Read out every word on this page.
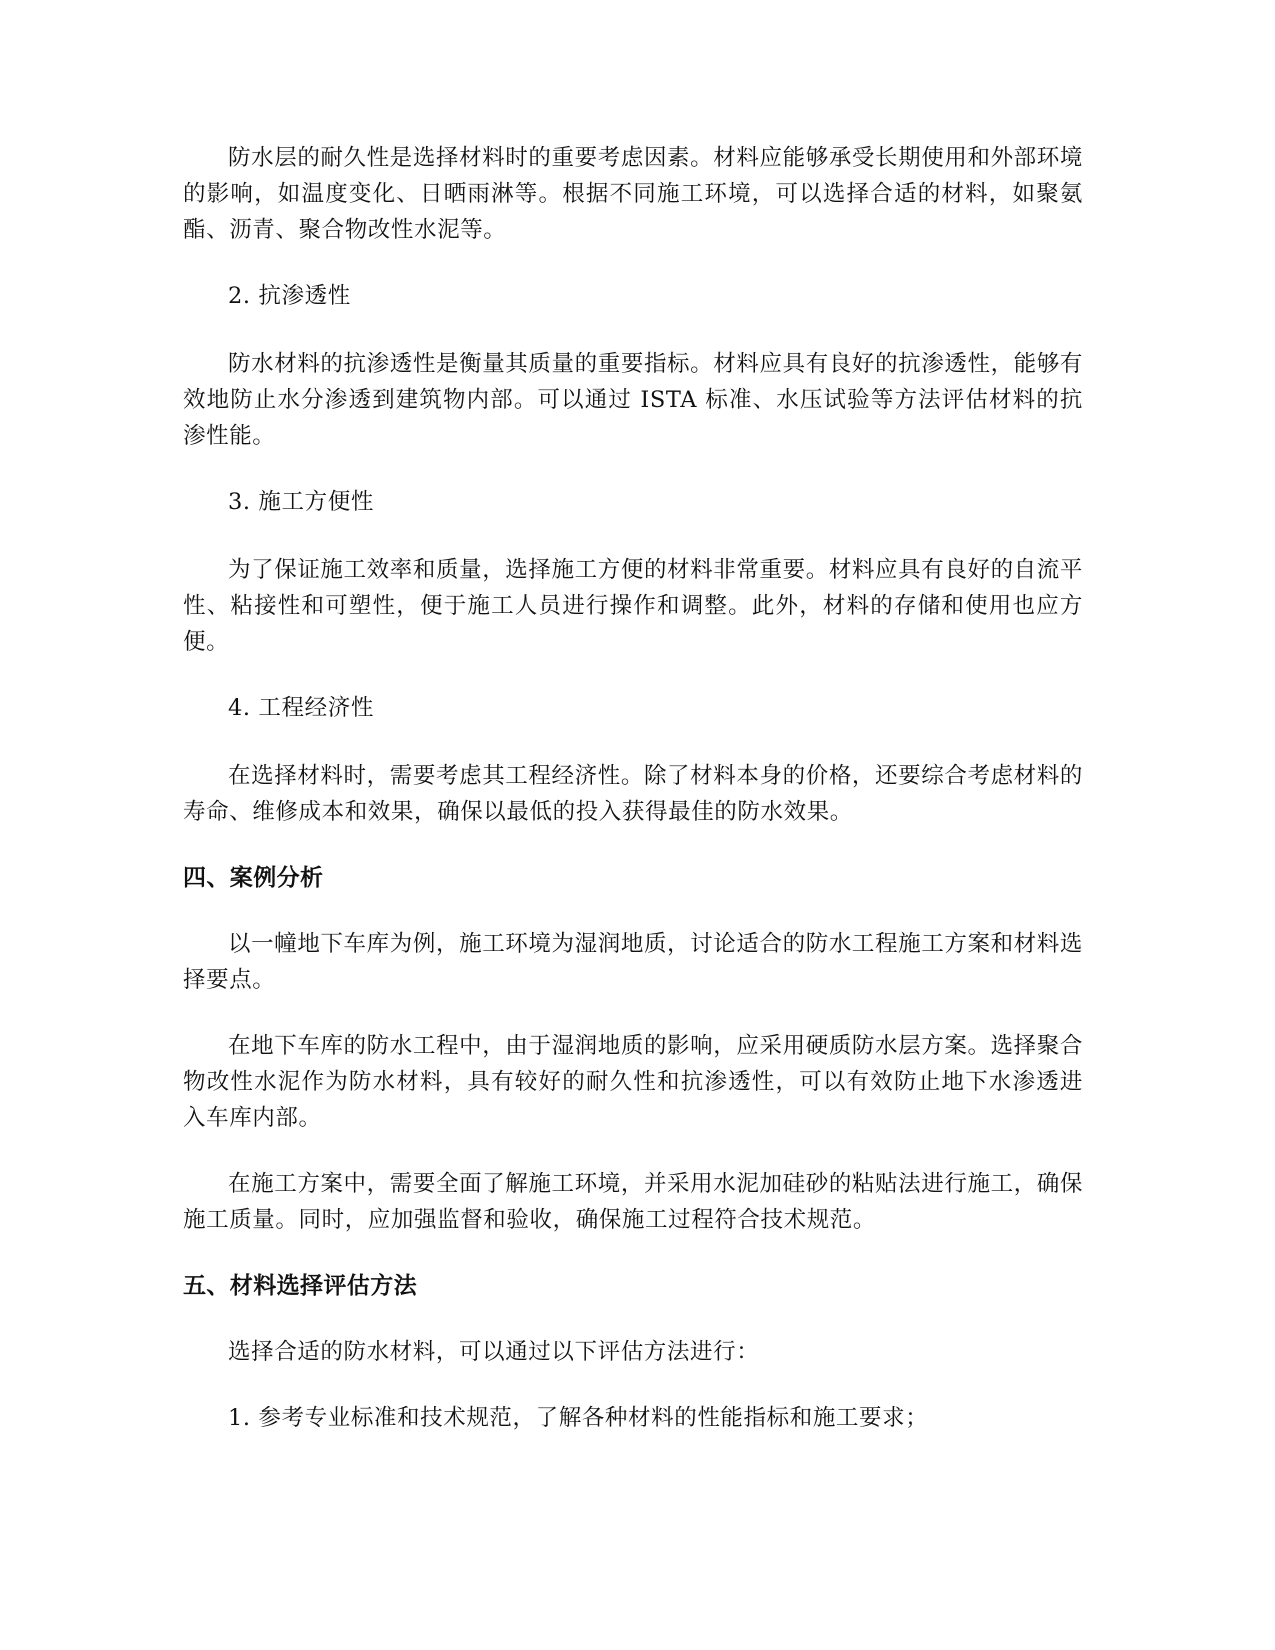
防水层的耐久性是选择材料时的重要考虑因素。材料应能够承受长期使用和外部环境的影响，如温度变化、日晒雨淋等。根据不同施工环境，可以选择合适的材料，如聚氨酯、沥青、聚合物改性水泥等。

2. 抗渗透性

防水材料的抗渗透性是衡量其质量的重要指标。材料应具有良好的抗渗透性，能够有效地防止水分渗透到建筑物内部。可以通过 ISTA 标准、水压试验等方法评估材料的抗渗性能。

3. 施工方便性

为了保证施工效率和质量，选择施工方便的材料非常重要。材料应具有良好的自流平性、粘接性和可塑性，便于施工人员进行操作和调整。此外，材料的存储和使用也应方便。

4. 工程经济性

在选择材料时，需要考虑其工程经济性。除了材料本身的价格，还要综合考虑材料的寿命、维修成本和效果，确保以最低的投入获得最佳的防水效果。

四、案例分析

以一幢地下车库为例，施工环境为湿润地质，讨论适合的防水工程施工方案和材料选择要点。

在地下车库的防水工程中，由于湿润地质的影响，应采用硬质防水层方案。选择聚合物改性水泥作为防水材料，具有较好的耐久性和抗渗透性，可以有效防止地下水渗透进入车库内部。

在施工方案中，需要全面了解施工环境，并采用水泥加硅砂的粘贴法进行施工，确保施工质量。同时，应加强监督和验收，确保施工过程符合技术规范。

五、材料选择评估方法

选择合适的防水材料，可以通过以下评估方法进行：

1. 参考专业标准和技术规范，了解各种材料的性能指标和施工要求；
